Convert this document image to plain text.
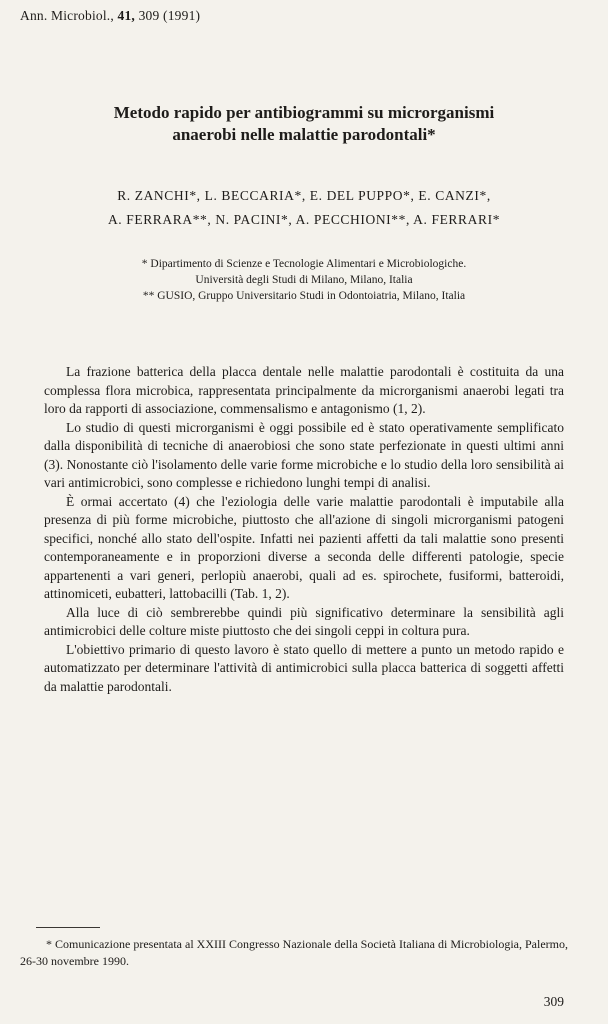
Ann. Microbiol., 41, 309 (1991)
Metodo rapido per antibiogrammi su microrganismi
anaerobi nelle malattie parodontali*
R. ZANCHI*, L. BECCARIA*, E. DEL PUPPO*, E. CANZI*,
A. FERRARA**, N. PACINI*, A. PECCHIONI**, A. FERRARI*
* Dipartimento di Scienze e Tecnologie Alimentari e Microbiologiche.
Università degli Studi di Milano, Milano, Italia
** GUSIO, Gruppo Universitario Studi in Odontoiatria, Milano, Italia

La frazione batterica della placca dentale nelle malattie parodontali è costituita da una complessa flora microbica, rappresentata principalmente da microrganismi anaerobi legati tra loro da rapporti di associazione, commensalismo e antagonismo (1, 2).

Lo studio di questi microrganismi è oggi possibile ed è stato operativamente semplificato dalla disponibilità di tecniche di anaerobiosi che sono state perfezionate in questi ultimi anni (3). Nonostante ciò l'isolamento delle varie forme microbiche e lo studio della loro sensibilità ai vari antimicrobici, sono complesse e richiedono lunghi tempi di analisi.

È ormai accertato (4) che l'eziologia delle varie malattie parodontali è imputabile alla presenza di più forme microbiche, piuttosto che all'azione di singoli microrganismi patogeni specifici, nonché allo stato dell'ospite. Infatti nei pazienti affetti da tali malattie sono presenti contemporaneamente e in proporzioni diverse a seconda delle differenti patologie, specie appartenenti a vari generi, perlopiù anaerobi, quali ad es. spirochete, fusiformi, batteroidi, attinomiceti, eubatteri, lattobacilli (Tab. 1, 2).

Alla luce di ciò sembrerebbe quindi più significativo determinare la sensibilità agli antimicrobici delle colture miste piuttosto che dei singoli ceppi in coltura pura.

L'obiettivo primario di questo lavoro è stato quello di mettere a punto un metodo rapido e automatizzato per determinare l'attività di antimicrobici sulla placca batterica di soggetti affetti da malattie parodontali.

* Comunicazione presentata al XXIII Congresso Nazionale della Società Italiana di Microbiologia, Palermo, 26-30 novembre 1990.

309
